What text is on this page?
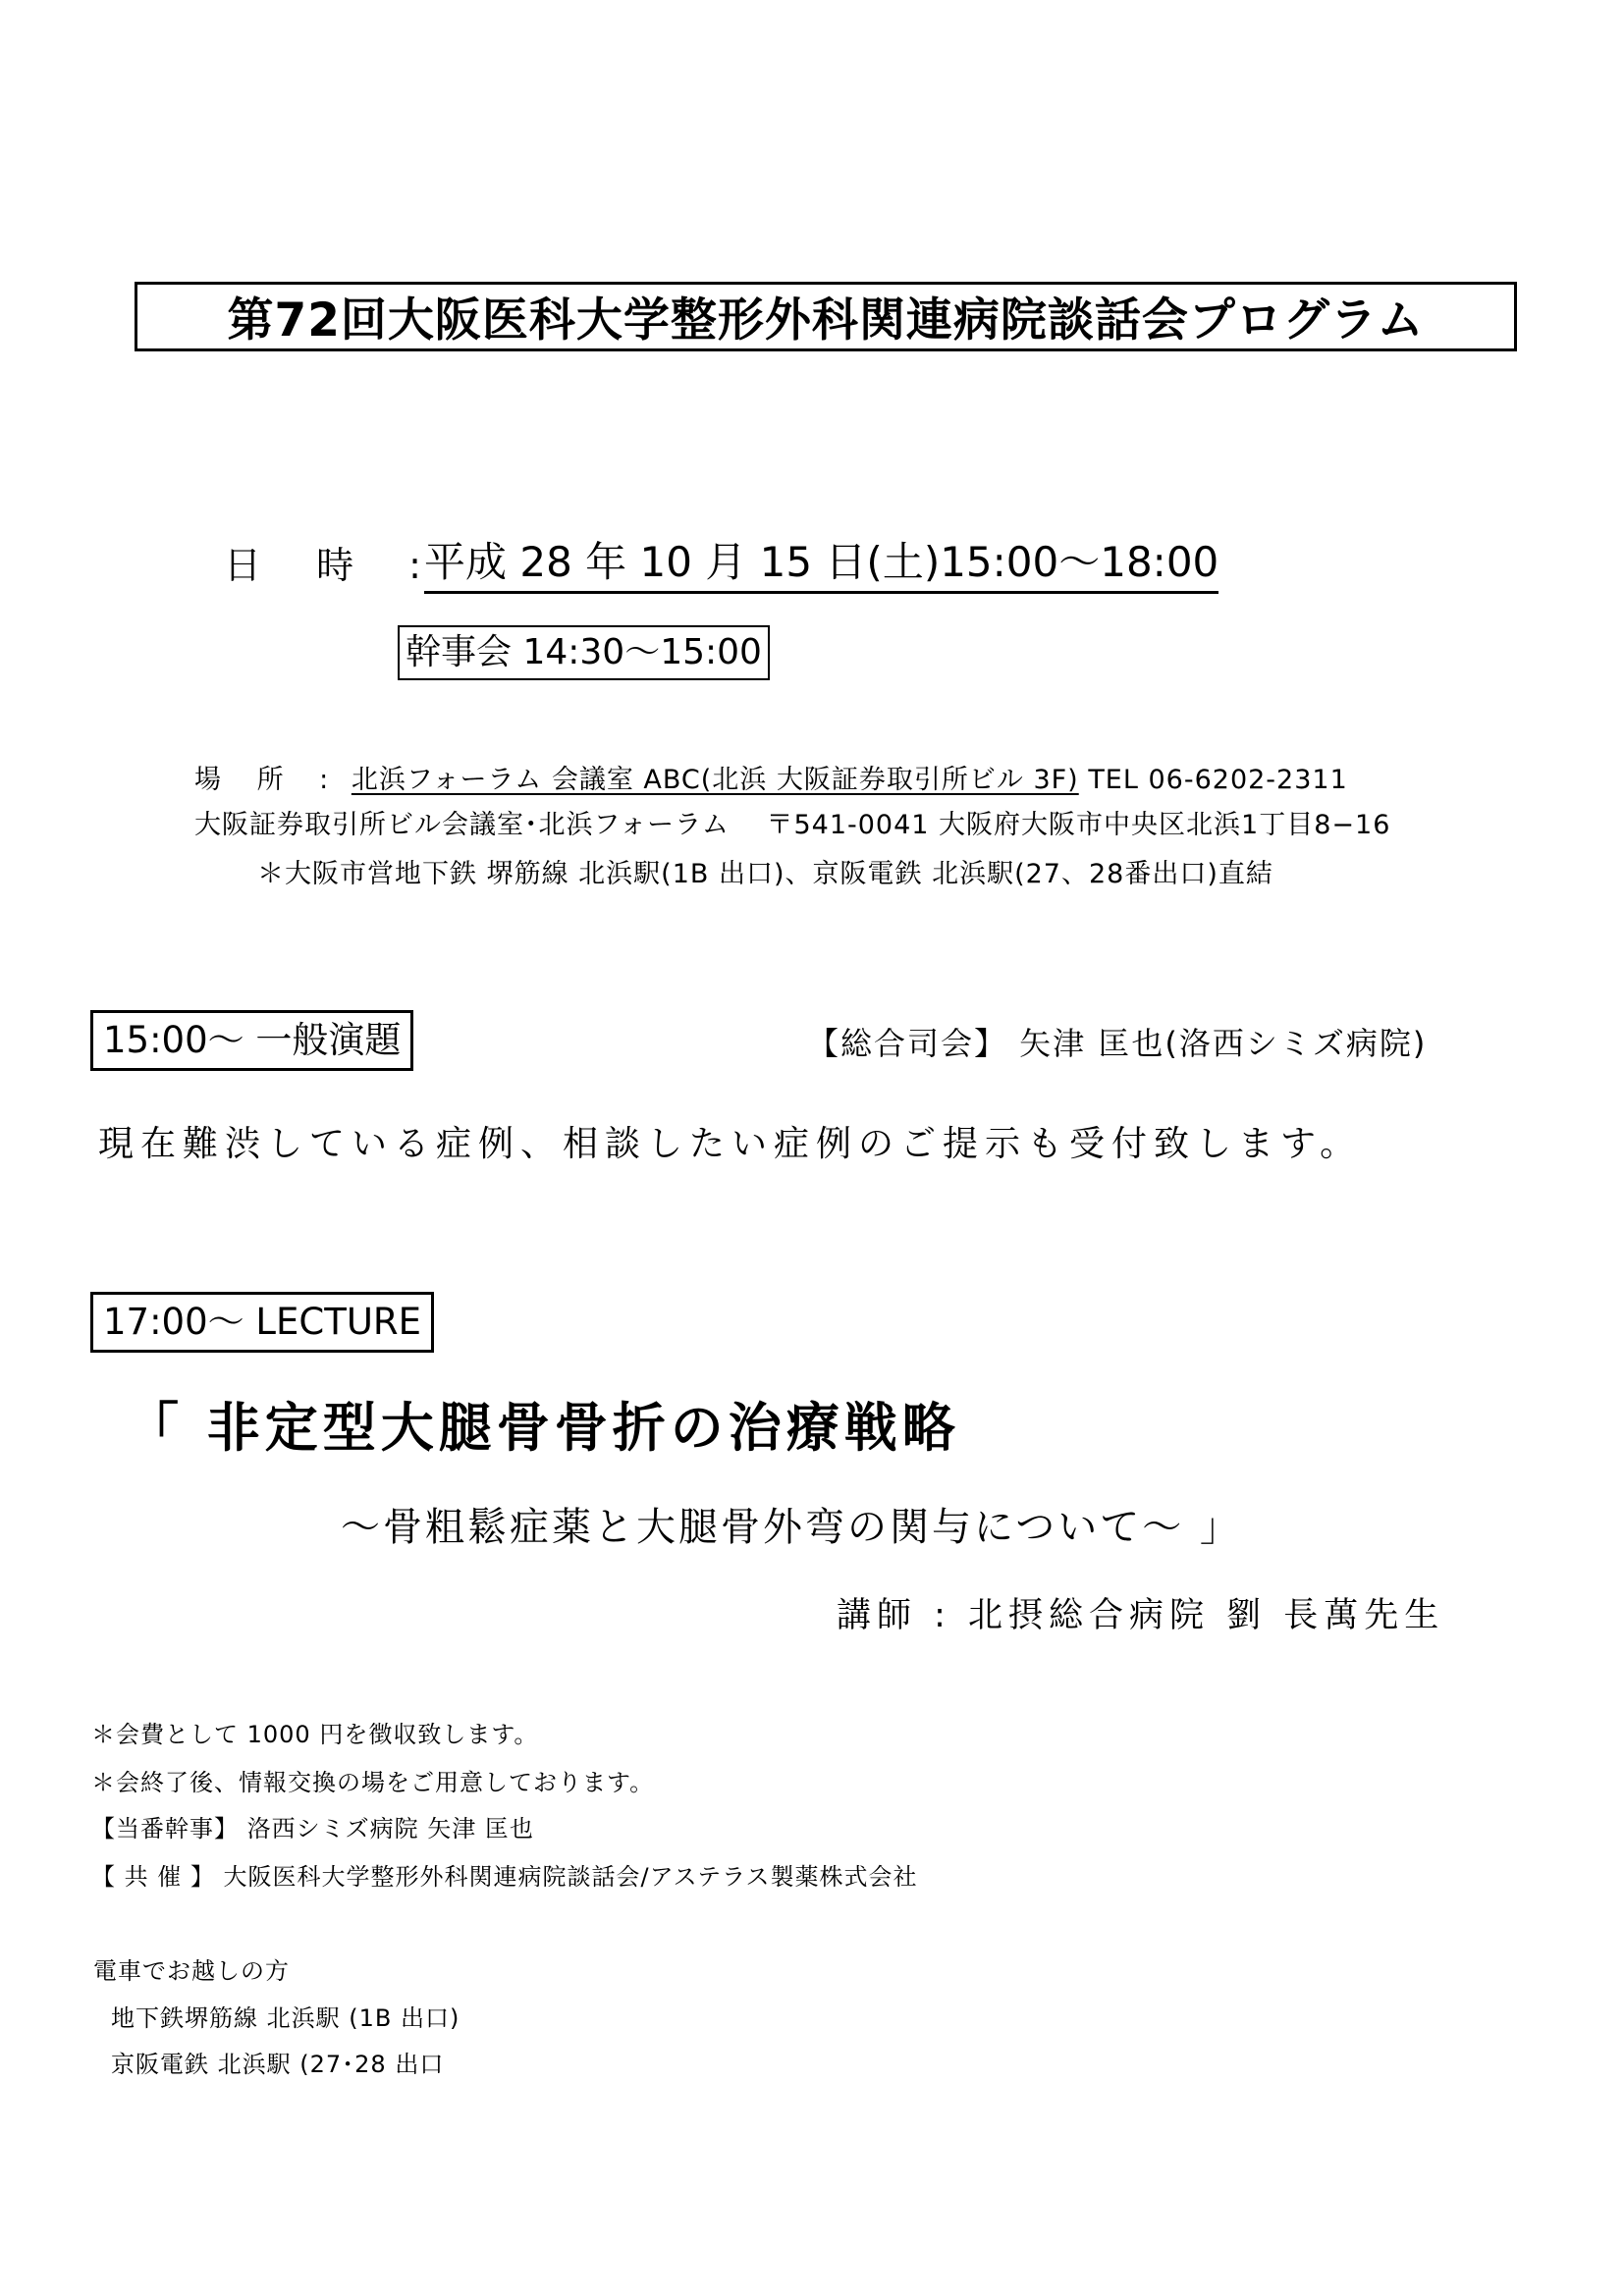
第72回大阪医科大学整形外科関連病院談話会プログラム
日 時 :
平成 28 年 10 月 15 日(土)15:00～18:00
幹事会 14:30～15:00
場 所 : 北浜フォーラム 会議室 ABC(北浜 大阪証券取引所ビル 3F) TEL 06-6202-2311
大阪証券取引所ビル会議室･北浜フォーラム　 〒541-0041 大阪府大阪市中央区北浜1丁目8−16
＊大阪市営地下鉄 堺筋線 北浜駅(1B 出口)、京阪電鉄 北浜駅(27、28番出口)直結
15:00～ 一般演題	【総合司会】 矢津 匡也(洛西シミズ病院)
現在難渋している症例、相談したい症例のご提示も受付致します。
17:00～ LECTURE
「 非定型大腿骨骨折の治療戦略
～骨粗鬆症薬と大腿骨外弯の関与について～ 」
講師 : 北摂総合病院 劉 長萬先生
＊会費として 1000 円を徴収致します。
＊会終了後、情報交換の場をご用意しております。
【当番幹事】 洛西シミズ病院 矢津 匡也
【 共 催 】 大阪医科大学整形外科関連病院談話会/アステラス製薬株式会社
電車でお越しの方
地下鉄堺筋線 北浜駅 (1B 出口)
京阪電鉄 北浜駅 (27･28 出口
